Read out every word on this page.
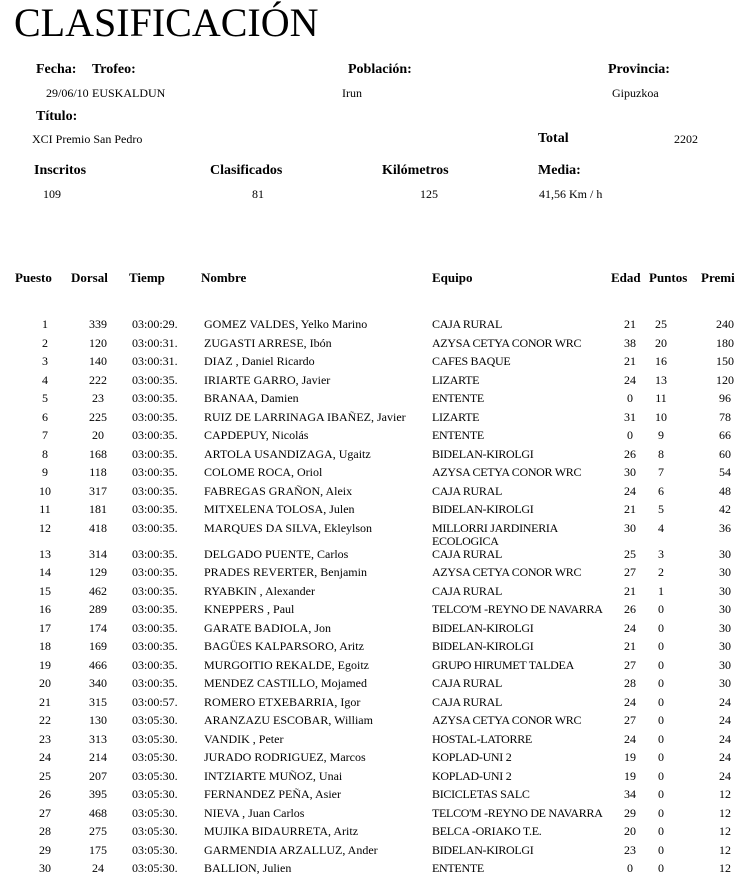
CLASIFICACIÓN
Fecha:
29/06/10
Trofeo:
EUSKALDUN
Población:
Irun
Provincia:
Gipuzkoa
Título:
XCI Premio San Pedro	Total	2202
Inscritos
109
Clasificados
81
Kilómetros
125
Media:
41,56 Km / h
Puesto Dorsal Tiemp	Nombre	Equipo	Edad Puntos Premi
1	339	03:00:29.	GOMEZ VALDES, Yelko Marino	CAJA RURAL	21	25	240
2	120	03:00:31.	ZUGASTI ARRESE, Ibón	AZYSA CETYA CONOR WRC	38	20	180
3	140	03:00:31.	DIAZ , Daniel Ricardo	CAFES BAQUE	21	16	150
4	222	03:00:35.	IRIARTE GARRO, Javier	LIZARTE	24	13	120
5	23	03:00:35.	BRANAA, Damien	ENTENTE	0	11	96
6	225	03:00:35.	RUIZ DE LARRINAGA IBAÑEZ, Javier	LIZARTE	31	10	78
7	20	03:00:35.	CAPDEPUY, Nicolás	ENTENTE	0	9	66
8	168	03:00:35.	ARTOLA USANDIZAGA, Ugaitz	BIDELAN-KIROLGI	26	8	60
9	118	03:00:35.	COLOME ROCA, Oriol	AZYSA CETYA CONOR WRC	30	7	54
10	317	03:00:35.	FABREGAS GRAÑON, Aleix	CAJA RURAL	24	6	48
11	181	03:00:35.	MITXELENA TOLOSA, Julen	BIDELAN-KIROLGI	21	5	42
12	418	03:00:35.	MARQUES DA SILVA, Ekleylson	MILLORRI JARDINERIA ECOLOGICA	30	4	36
13	314	03:00:35.	DELGADO PUENTE, Carlos	CAJA RURAL	25	3	30
14	129	03:00:35.	PRADES REVERTER, Benjamin	AZYSA CETYA CONOR WRC	27	2	30
15	462	03:00:35.	RYABKIN , Alexander	CAJA RURAL	21	1	30
16	289	03:00:35.	KNEPPERS , Paul	TELCO'M -REYNO DE NAVARRA	26	0	30
17	174	03:00:35.	GARATE BADIOLA, Jon	BIDELAN-KIROLGI	24	0	30
18	169	03:00:35.	BAGÜES KALPARSORO, Aritz	BIDELAN-KIROLGI	21	0	30
19	466	03:00:35.	MURGOITIO REKALDE, Egoitz	GRUPO HIRUMET TALDEA	27	0	30
20	340	03:00:35.	MENDEZ CASTILLO, Mojamed	CAJA RURAL	28	0	30
21	315	03:00:57.	ROMERO ETXEBARRIA, Igor	CAJA RURAL	24	0	24
22	130	03:05:30.	ARANZAZU ESCOBAR, William	AZYSA CETYA CONOR WRC	27	0	24
23	313	03:05:30.	VANDIK , Peter	HOSTAL-LATORRE	24	0	24
24	214	03:05:30.	JURADO RODRIGUEZ, Marcos	KOPLAD-UNI 2	19	0	24
25	207	03:05:30.	INTZIARTE MUÑOZ, Unai	KOPLAD-UNI 2	19	0	24
26	395	03:05:30.	FERNANDEZ PEÑA, Asier	BICICLETAS SALC	34	0	12
27	468	03:05:30.	NIEVA , Juan Carlos	TELCO'M -REYNO DE NAVARRA	29	0	12
28	275	03:05:30.	MUJIKA BIDAURRETA, Aritz	BELCA -ORIAKO T.E.	20	0	12
29	175	03:05:30.	GARMENDIA ARZALLUZ, Ander	BIDELAN-KIROLGI	23	0	12
30	24	03:05:30.	BALLION, Julien	ENTENTE	0	0	12
